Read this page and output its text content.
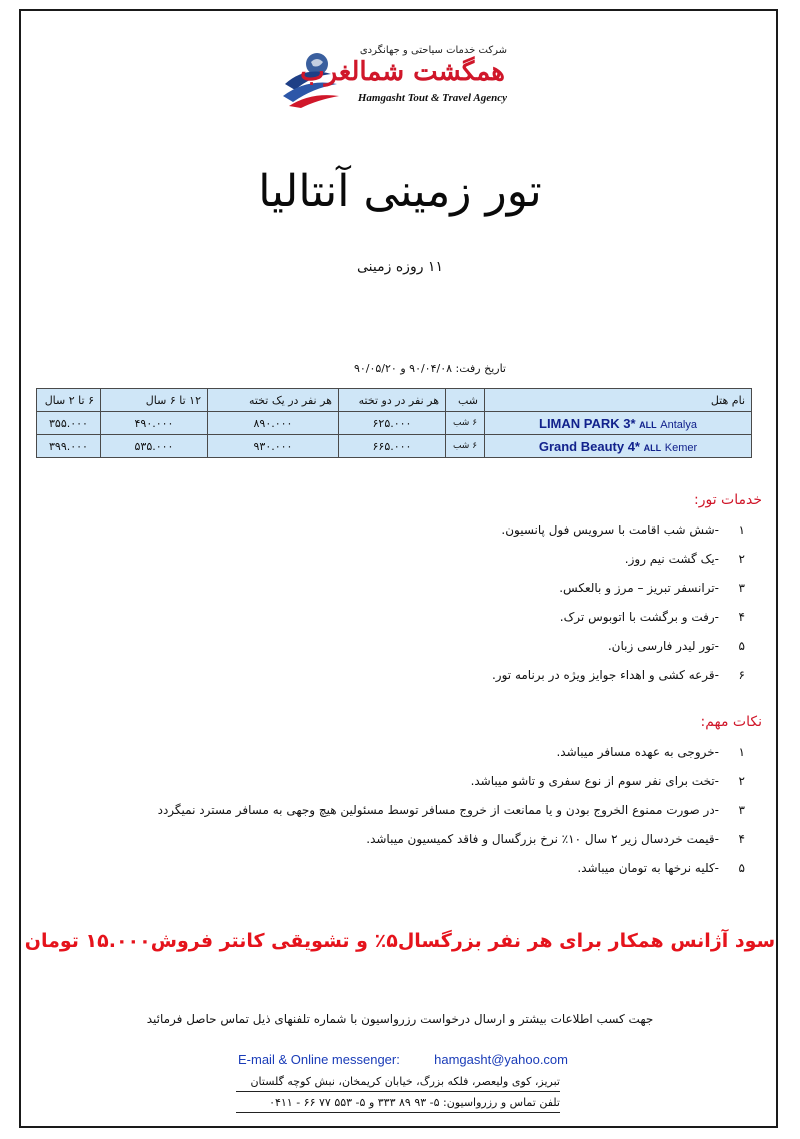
شرکت خدمات سیاحتی و جهانگردی
همگشت شمالغرب
Hamgasht Tout & Travel Agency
تور زمینی آنتالیا
۱۱ روزه زمینی
تاریخ رفت: ۹۰/۰۴/۰۸ و ۹۰/۰۵/۲۰
نام هتل	شب	هر نفر در دو تخته	هر نفر در یک تخته	۱۲ تا ۶ سال	۶ تا ۲ سال
LIMAN PARK 3* ALL Antalya	۶ شب	۶۲۵.۰۰۰	۸۹۰.۰۰۰	۴۹۰.۰۰۰	۳۵۵.۰۰۰
Grand Beauty 4* ALL Kemer	۶ شب	۶۶۵.۰۰۰	۹۳۰.۰۰۰	۵۳۵.۰۰۰	۳۹۹.۰۰۰
خدمات تور:
۱-شش شب اقامت با سرویس فول پانسیون.
۲-یک گشت نیم روز.
۳-ترانسفر تبریز – مرز و بالعکس.
۴-رفت و برگشت با اتوبوس ترک.
۵-تور لیدر فارسی زبان.
۶-قرعه کشی و اهداء جوایز ویژه در برنامه تور.
نکات مهم:
۱-خروجی به عهده مسافر میباشد.
۲-تخت برای نفر سوم از نوع سفری و تاشو میباشد.
۳-در صورت ممنوع الخروج بودن و یا ممانعت از خروج مسافر توسط مسئولین هیچ وجهی به مسافر مسترد نمیگردد
۴-قیمت خردسال زیر ۲ سال ۱۰٪ نرخ بزرگسال و فاقد کمیسیون میباشد.
۵-کلیه نرخها به تومان میباشد.
سود آژانس همکار برای هر نفر بزرگسال۵٪ و تشویقی کانتر فروش۱۵.۰۰۰ تومان
جهت کسب اطلاعات بیشتر و ارسال درخواست رزرواسیون با شماره تلفنهای ذیل تماس حاصل فرمائید
E-mail & Online messenger:	hamgasht@yahoo.com
تبریز، کوی ولیعصر، فلکه بزرگ، خیابان کریمخان، نبش کوچه گلستان
تلفن تماس و رزرواسیون: ۵- ۹۳ ۸۹ ۳۳۳ و ۵- ۵۵۳ ۷۷ ۶۶ - ۰۴۱۱
